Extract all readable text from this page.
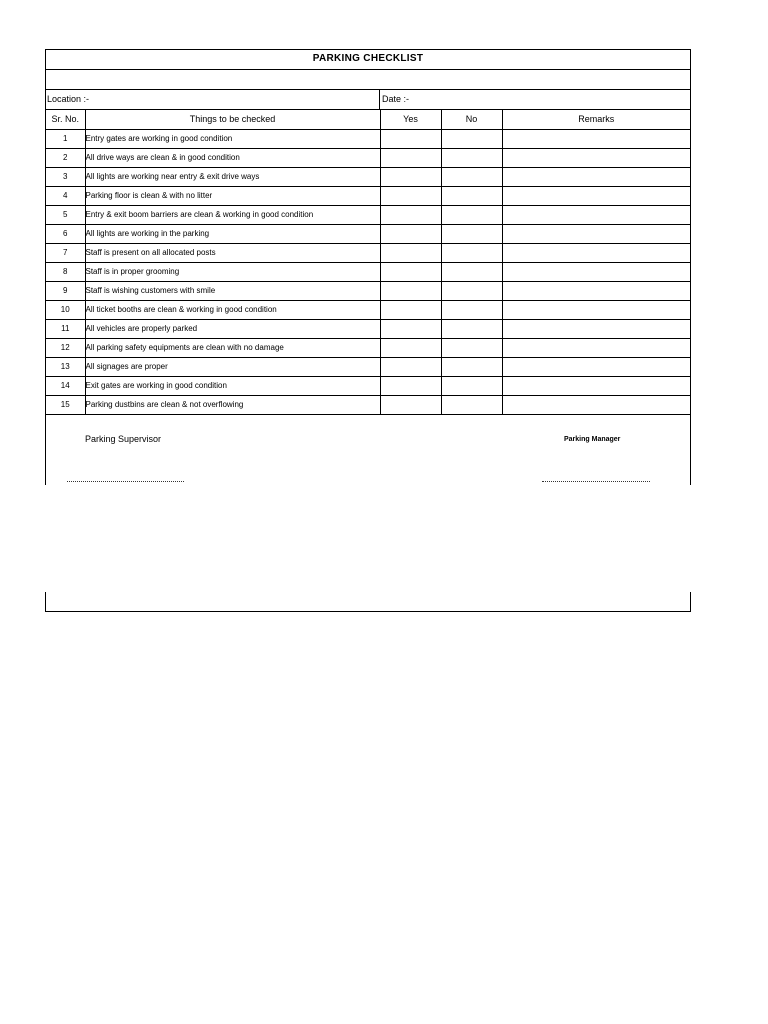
PARKING CHECKLIST
Location :-	Date :-
Sr. No.	Things to be checked	Yes	No	Remarks
1	Entry gates are working in good condition			
2	All drive ways are clean & in good condition			
3	All lights are working near entry & exit drive ways			
4	Parking floor is clean & with no litter			
5	Entry & exit boom barriers are clean & working in good condition			
6	All lights are working in the parking			
7	Staff is present on all allocated posts			
8	Staff is in proper grooming			
9	Staff is wishing customers with smile			
10	All ticket booths are clean & working in good condition			
11	All vehicles are properly parked			
12	All parking safety equipments are clean with no damage			
13	All signages are proper			
14	Exit gates are working in good condition			
15	Parking dustbins are clean & not overflowing			
Parking Supervisor	Parking Manager
